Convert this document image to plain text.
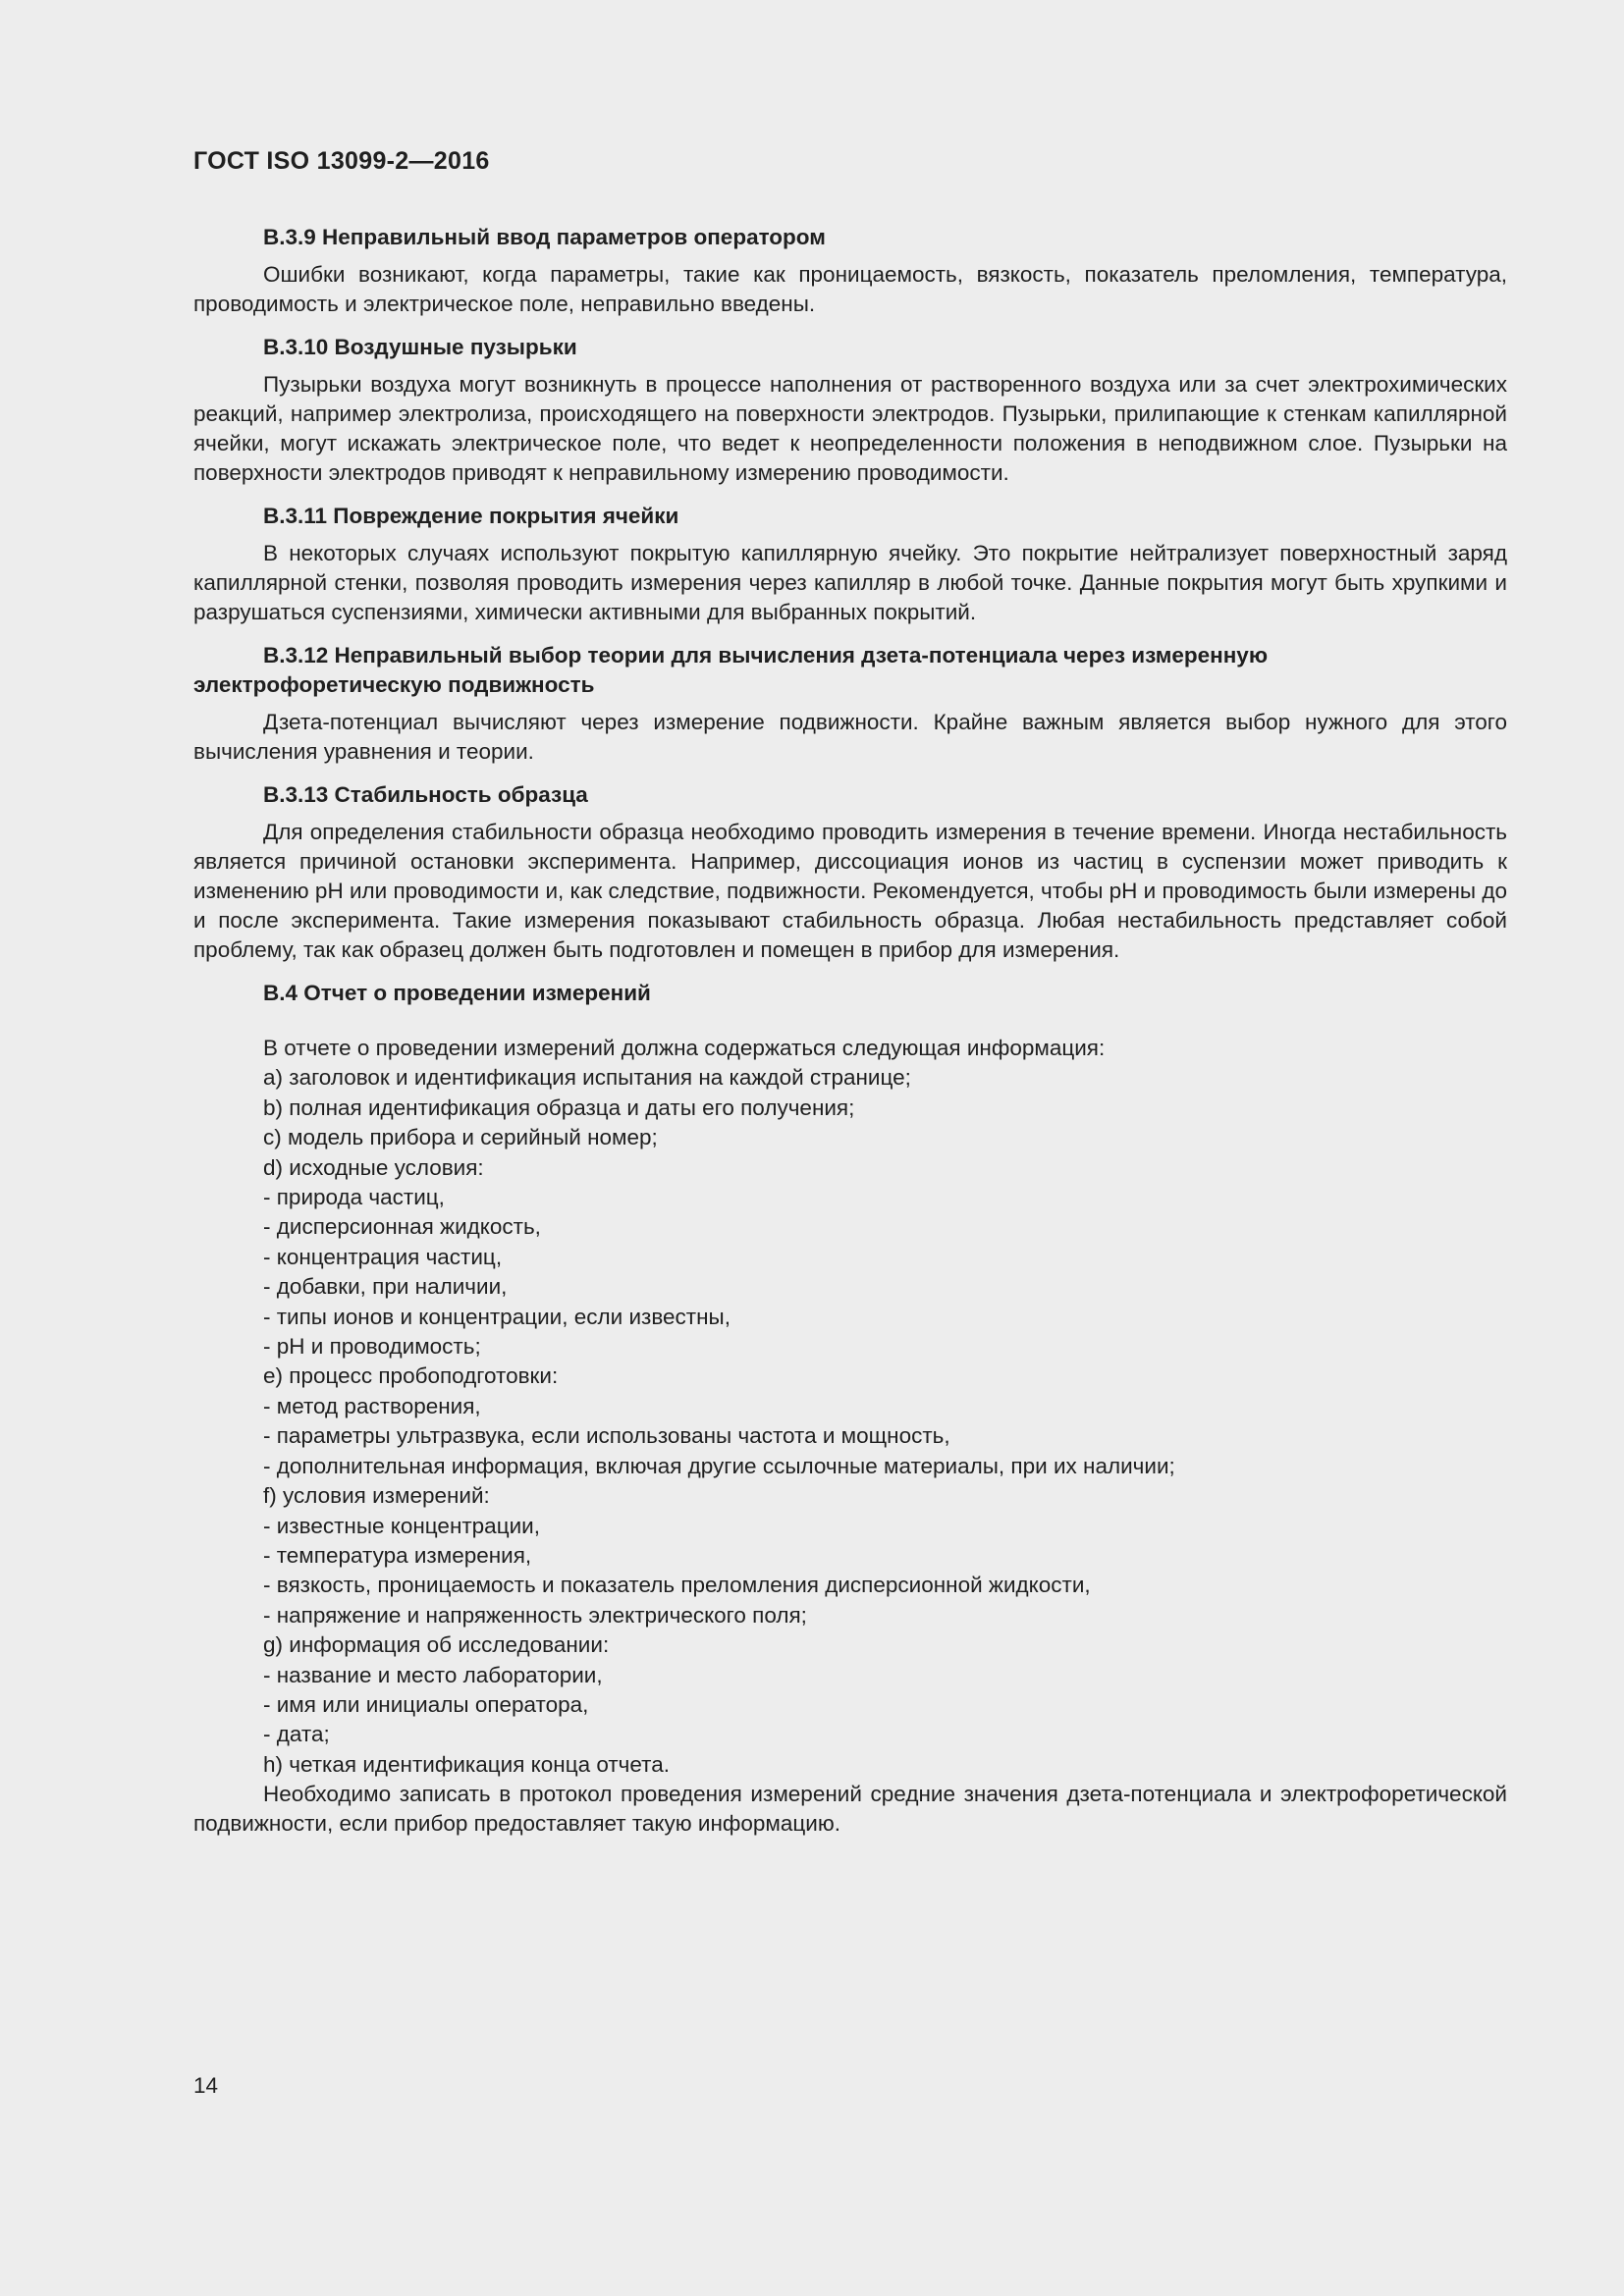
ГОСТ ISO 13099-2—2016

B.3.9 Неправильный ввод параметров оператором

Ошибки возникают, когда параметры, такие как проницаемость, вязкость, показатель преломления, температура, проводимость и электрическое поле, неправильно введены.

B.3.10 Воздушные пузырьки

Пузырьки воздуха могут возникнуть в процессе наполнения от растворенного воздуха или за счет электрохимических реакций, например электролиза, происходящего на поверхности электродов. Пузырьки, прилипающие к стенкам капиллярной ячейки, могут искажать электрическое поле, что ведет к неопределенности положения в неподвижном слое. Пузырьки на поверхности электродов приводят к неправильному измерению проводимости.

B.3.11 Повреждение покрытия ячейки

В некоторых случаях используют покрытую капиллярную ячейку. Это покрытие нейтрализует поверхностный заряд капиллярной стенки, позволяя проводить измерения через капилляр в любой точке. Данные покрытия могут быть хрупкими и разрушаться суспензиями, химически активными для выбранных покрытий.

B.3.12 Неправильный выбор теории для вычисления дзета-потенциала через измеренную электрофоретическую подвижность

Дзета-потенциал вычисляют через измерение подвижности. Крайне важным является выбор нужного для этого вычисления уравнения и теории.

B.3.13 Стабильность образца

Для определения стабильности образца необходимо проводить измерения в течение времени. Иногда нестабильность является причиной остановки эксперимента. Например, диссоциация ионов из частиц в суспензии может приводить к изменению pH или проводимости и, как следствие, подвижности. Рекомендуется, чтобы pH и проводимость были измерены до и после эксперимента. Такие измерения показывают стабильность образца. Любая нестабильность представляет собой проблему, так как образец должен быть подготовлен и помещен в прибор для измерения.

B.4 Отчет о проведении измерений

В отчете о проведении измерений должна содержаться следующая информация:
a) заголовок и идентификация испытания на каждой странице;
b) полная идентификация образца и даты его получения;
c) модель прибора и серийный номер;
d) исходные условия:
- природа частиц,
- дисперсионная жидкость,
- концентрация частиц,
- добавки, при наличии,
- типы ионов и концентрации, если известны,
- pH и проводимость;
e) процесс пробоподготовки:
- метод растворения,
- параметры ультразвука, если использованы частота и мощность,
- дополнительная информация, включая другие ссылочные материалы, при их наличии;
f) условия измерений:
- известные концентрации,
- температура измерения,
- вязкость, проницаемость и показатель преломления дисперсионной жидкости,
- напряжение и напряженность электрического поля;
g) информация об исследовании:
- название и место лаборатории,
- имя или инициалы оператора,
- дата;
h) четкая идентификация конца отчета.

Необходимо записать в протокол проведения измерений средние значения дзета-потенциала и электрофоретической подвижности, если прибор предоставляет такую информацию.

14
